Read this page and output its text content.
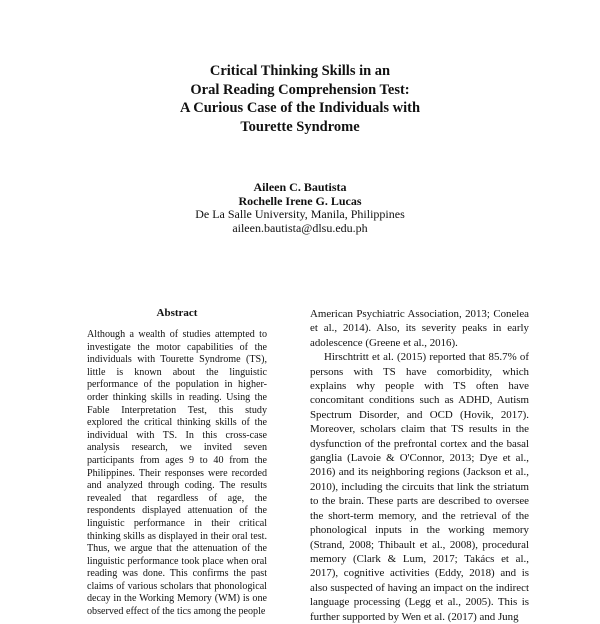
Critical Thinking Skills in an
Oral Reading Comprehension Test:
A Curious Case of the Individuals with
Tourette Syndrome
Aileen C. Bautista
Rochelle Irene G. Lucas
De La Salle University, Manila, Philippines
aileen.bautista@dlsu.edu.ph
Abstract

Although a wealth of studies attempted to investigate the motor capabilities of the individuals with Tourette Syndrome (TS), little is known about the linguistic performance of the population in higher-order thinking skills in reading. Using the Fable Interpretation Test, this study explored the critical thinking skills of the individual with TS. In this cross-case analysis research, we invited seven participants from ages 9 to 40 from the Philippines. Their responses were recorded and analyzed through coding. The results revealed that regardless of age, the respondents displayed attenuation of the linguistic performance in their critical thinking skills as displayed in their oral test. Thus, we argue that the attenuation of the linguistic performance took place when oral reading was done. This confirms the past claims of various scholars that phonological decay in the Working Memory (WM) is one observed effect of the tics among the people

American Psychiatric Association, 2013; Conelea et al., 2014). Also, its severity peaks in early adolescence (Greene et al., 2016).

Hirschtritt et al. (2015) reported that 85.7% of persons with TS have comorbidity, which explains why people with TS often have concomitant conditions such as ADHD, Autism Spectrum Disorder, and OCD (Hovik, 2017). Moreover, scholars claim that TS results in the dysfunction of the prefrontal cortex and the basal ganglia (Lavoie & O'Connor, 2013; Dye et al., 2016) and its neighboring regions (Jackson et al., 2010), including the circuits that link the striatum to the brain. These parts are described to oversee the short-term memory, and the retrieval of the phonological inputs in the working memory (Strand, 2008; Thibault et al., 2008), procedural memory (Clark & Lum, 2017; Takács et al., 2017), cognitive activities (Eddy, 2018) and is also suspected of having an impact on the indirect language processing (Legg et al., 2005). This is further supported by Wen et al. (2017) and Jung
